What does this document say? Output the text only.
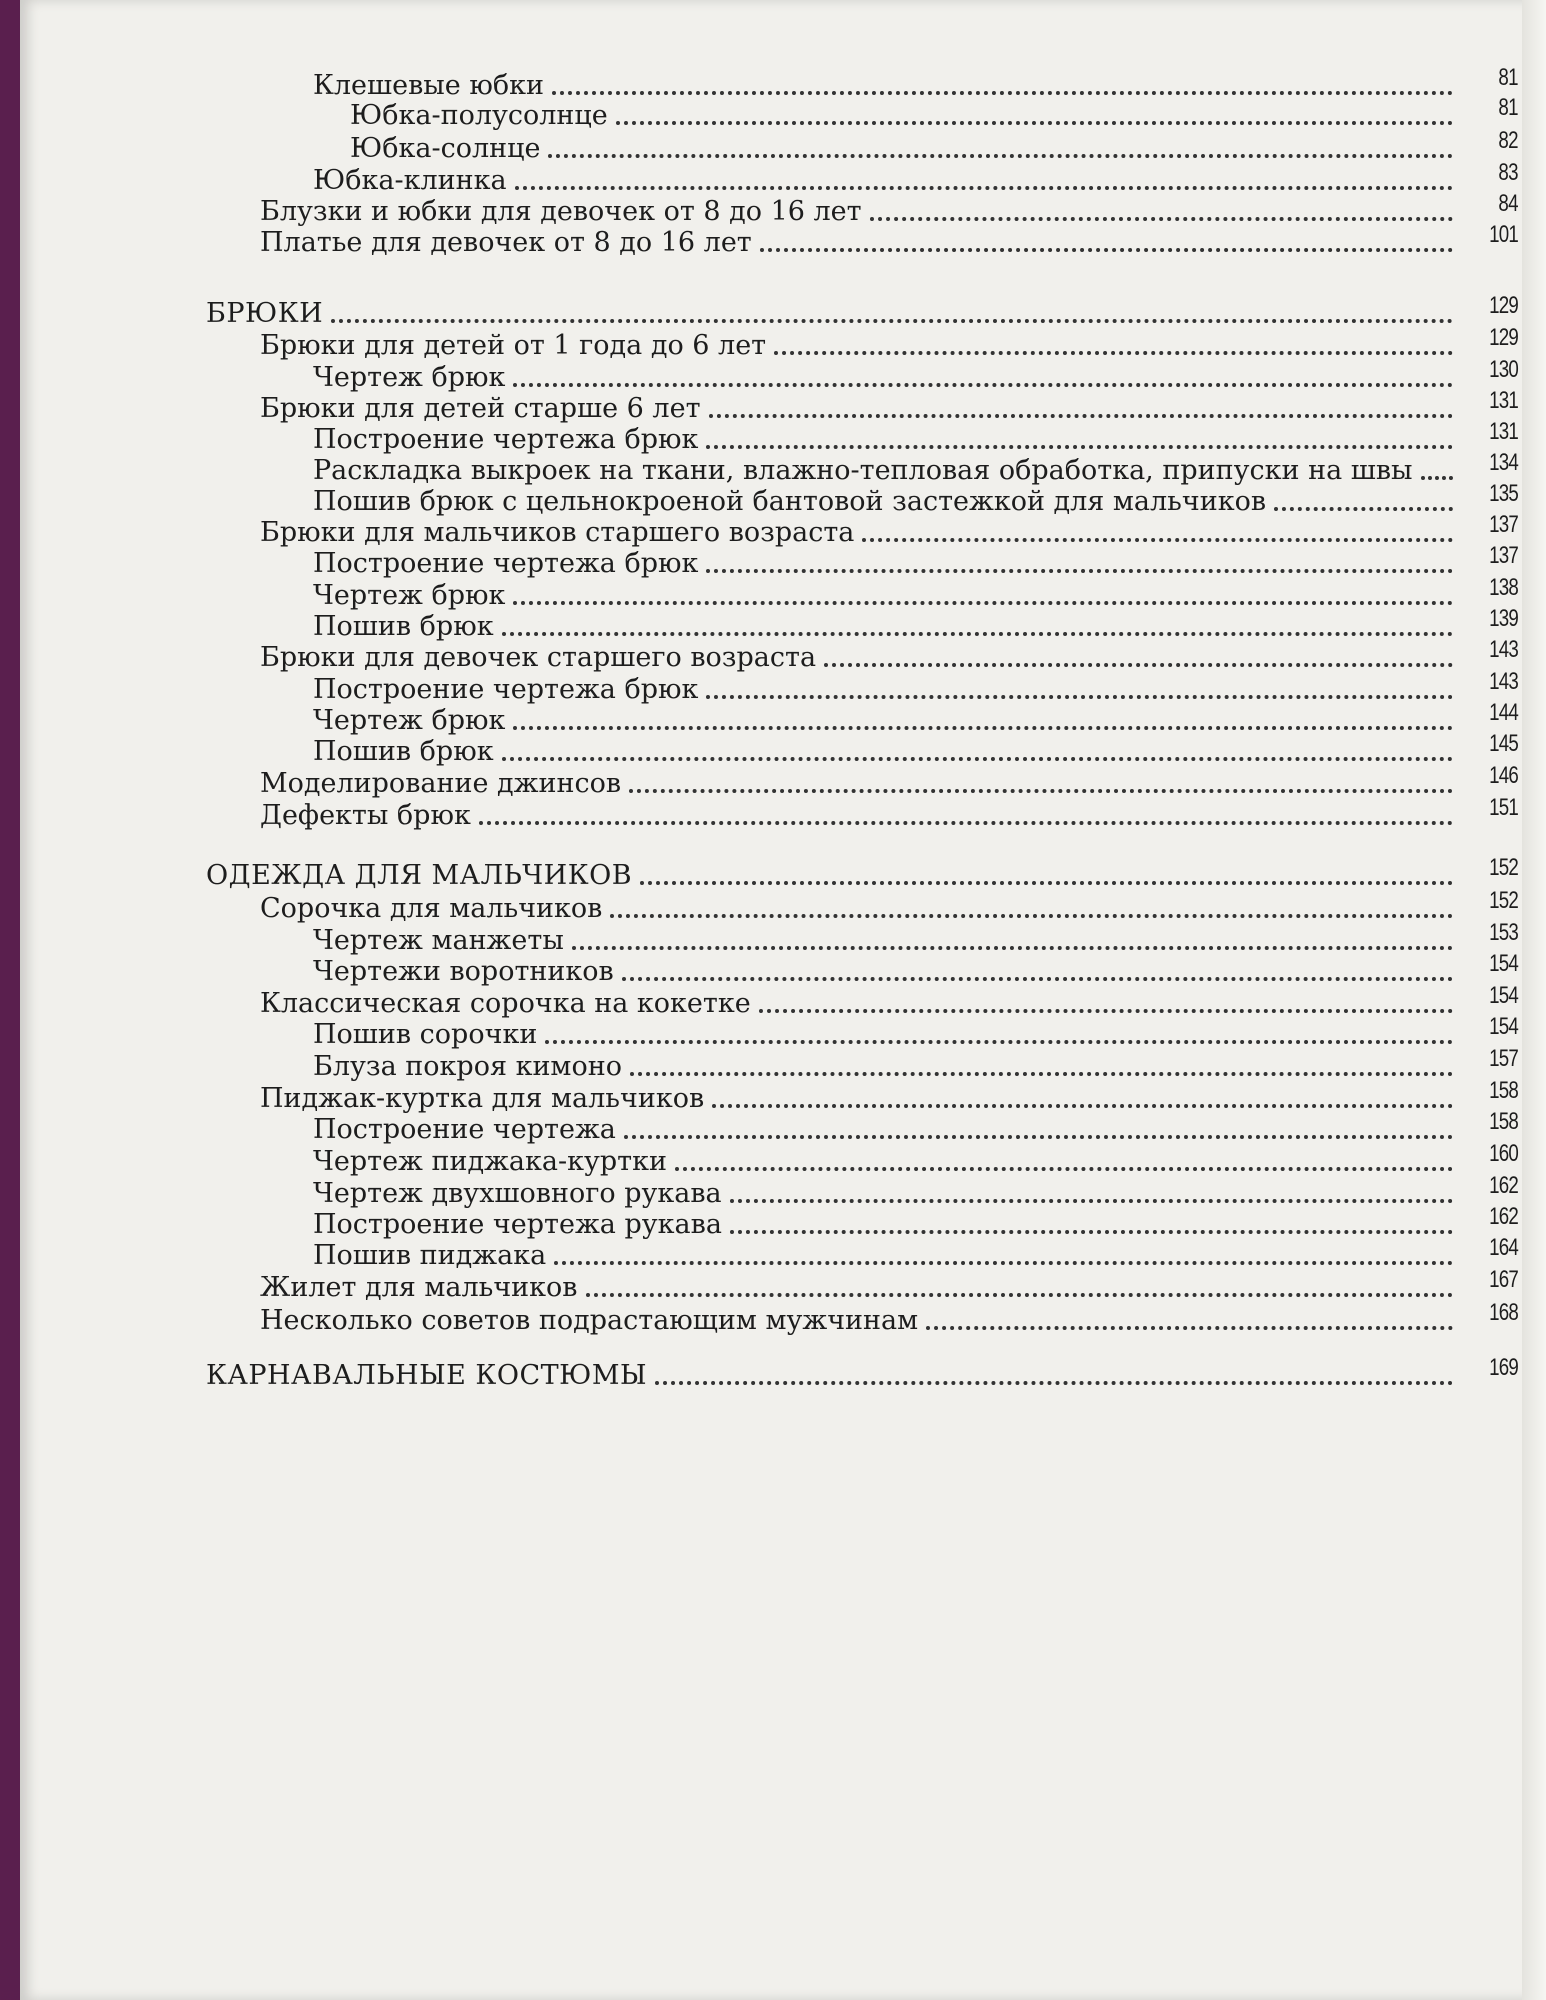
Клешевые юбки	81
Юбка-полусолнце	81
Юбка-солнце	82
Юбка-клинка	83
Блузки и юбки для девочек от 8 до 16 лет	84
Платье для девочек от 8 до 16 лет	101
БРЮКИ	129
Брюки для детей от 1 года до 6 лет	129
Чертеж брюк	130
Брюки для детей старше 6 лет	131
Построение чертежа брюк	131
Раскладка выкроек на ткани, влажно-тепловая обработка, припуски на швы	134
Пошив брюк с цельнокроеной бантовой застежкой для мальчиков	135
Брюки для мальчиков старшего возраста	137
Построение чертежа брюк	137
Чертеж брюк	138
Пошив брюк	139
Брюки для девочек старшего возраста	143
Построение чертежа брюк	143
Чертеж брюк	144
Пошив брюк	145
Моделирование джинсов	146
Дефекты брюк	151
ОДЕЖДА ДЛЯ МАЛЬЧИКОВ	152
Сорочка для мальчиков	152
Чертеж манжеты	153
Чертежи воротников	154
Классическая сорочка на кокетке	154
Пошив сорочки	154
Блуза покроя кимоно	157
Пиджак-куртка для мальчиков	158
Построение чертежа	158
Чертеж пиджака-куртки	160
Чертеж двухшовного рукава	162
Построение чертежа рукава	162
Пошив пиджака	164
Жилет для мальчиков	167
Несколько советов подрастающим мужчинам	168
КАРНАВАЛЬНЫЕ КОСТЮМЫ	169
